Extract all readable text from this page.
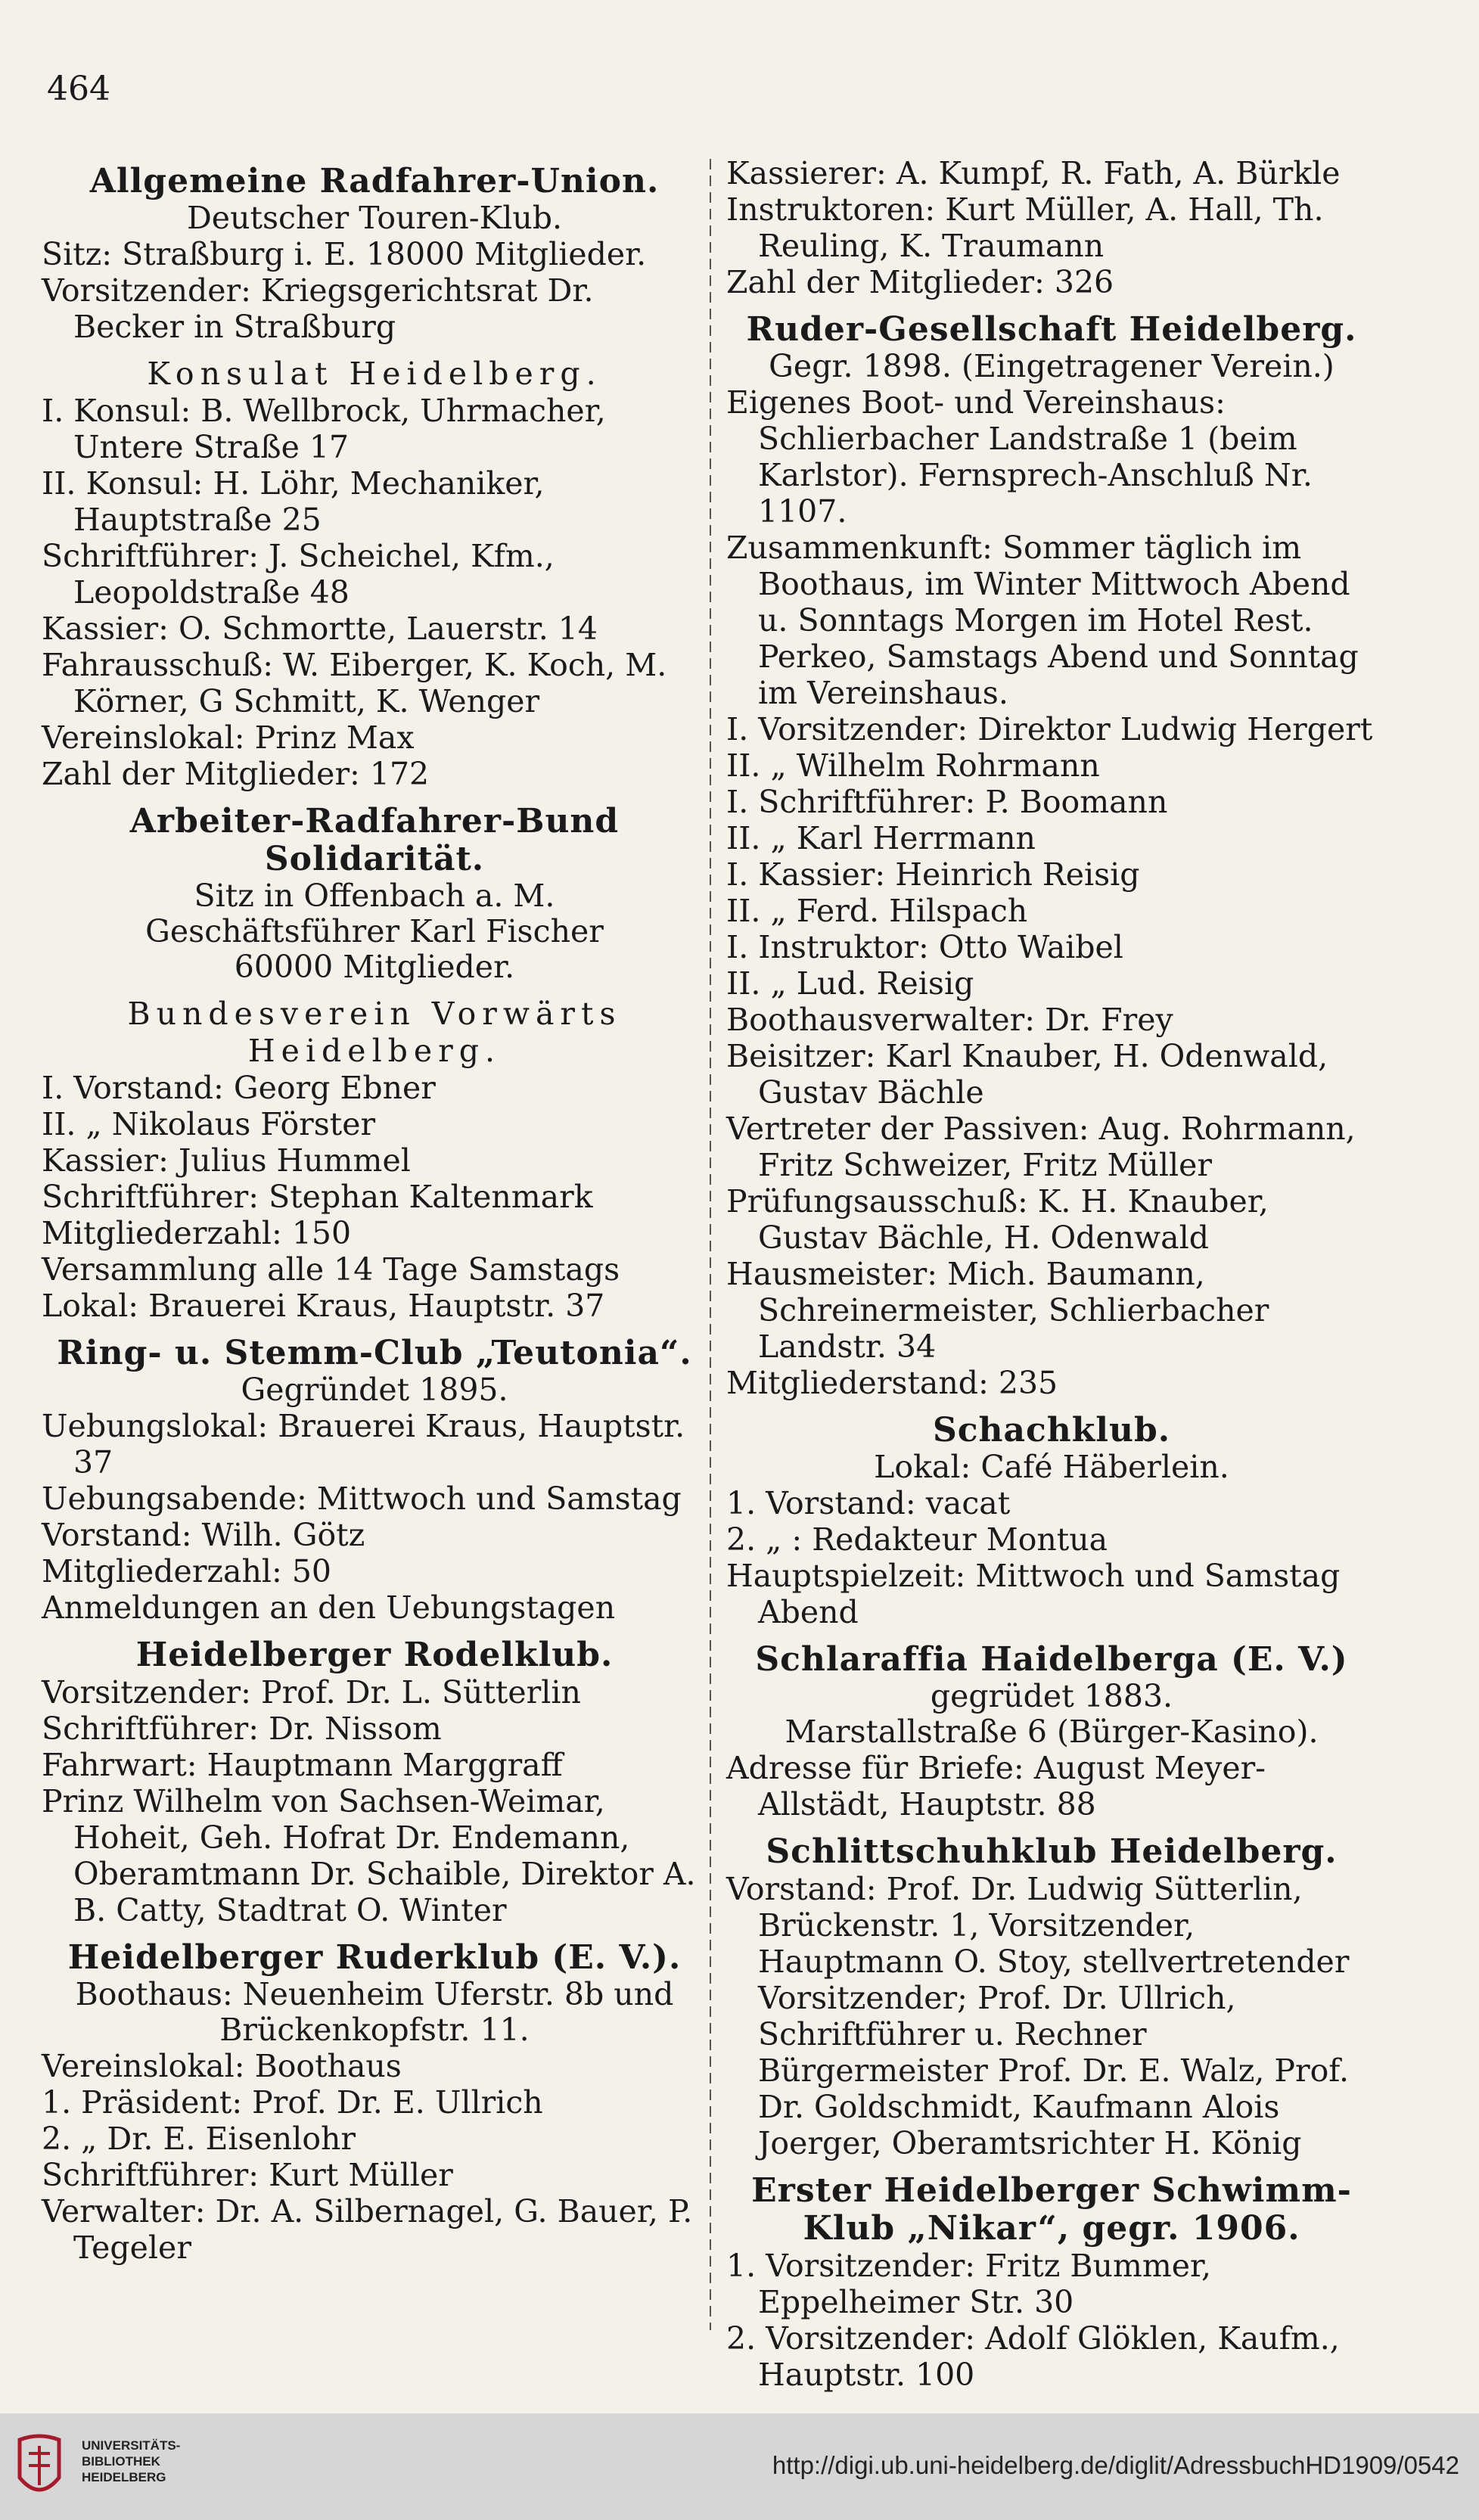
464
Allgemeine Radfahrer-Union.
Deutscher Touren-Klub.
Sitz: Straßburg i. E. 18000 Mitglieder.
Vorsitzender: Kriegsgerichtsrat Dr. Becker in Straßburg
Konsulat Heidelberg.
I. Konsul: B. Wellbrock, Uhrmacher, Untere Straße 17
II. Konsul: H. Löhr, Mechaniker, Hauptstraße 25
Schriftführer: J. Scheichel, Kfm., Leopoldstraße 48
Kassier: O. Schmortte, Lauerstr. 14
Fahrausschuß: W. Eiberger, K. Koch, M. Körner, G Schmitt, K. Wenger
Vereinslokal: Prinz Max
Zahl der Mitglieder: 172
Arbeiter-Radfahrer-Bund Solidarität.
Sitz in Offenbach a. M.
Geschäftsführer Karl Fischer
60000 Mitglieder.
Bundesverein Vorwärts
Heidelberg.
I. Vorstand: Georg Ebner
II. „ Nikolaus Förster
Kassier: Julius Hummel
Schriftführer: Stephan Kaltenmark
Mitgliederzahl: 150
Versammlung alle 14 Tage Samstags
Lokal: Brauerei Kraus, Hauptstr. 37
Ring- u. Stemm-Club „Teutonia“.
Gegründet 1895.
Uebungslokal: Brauerei Kraus, Hauptstr. 37
Uebungsabende: Mittwoch und Samstag
Vorstand: Wilh. Götz
Mitgliederzahl: 50
Anmeldungen an den Uebungstagen
Heidelberger Rodelklub.
Vorsitzender: Prof. Dr. L. Sütterlin
Schriftführer: Dr. Nissom
Fahrwart: Hauptmann Marggraff
Prinz Wilhelm von Sachsen-Weimar, Hoheit, Geh. Hofrat Dr. Endemann, Oberamtmann Dr. Schaible, Direktor A. B. Catty, Stadtrat O. Winter
Heidelberger Ruderklub (E. V.).
Boothaus: Neuenheim Uferstr. 8b und Brückenkopfstr. 11.
Vereinslokal: Boothaus
1. Präsident: Prof. Dr. E. Ullrich
2. „ Dr. E. Eisenlohr
Schriftführer: Kurt Müller
Verwalter: Dr. A. Silbernagel, G. Bauer, P. Tegeler
Kassierer: A. Kumpf, R. Fath, A. Bürkle
Instruktoren: Kurt Müller, A. Hall, Th. Reuling, K. Traumann
Zahl der Mitglieder: 326
Ruder-Gesellschaft Heidelberg.
Gegr. 1898. (Eingetragener Verein.)
Eigenes Boot- und Vereinshaus: Schlierbacher Landstraße 1 (beim Karlstor). Fernsprech-Anschluß Nr. 1107.
Zusammenkunft: Sommer täglich im Boothaus, im Winter Mittwoch Abend u. Sonntags Morgen im Hotel Rest. Perkeo, Samstags Abend und Sonntag im Vereinshaus.
I. Vorsitzender: Direktor Ludwig Hergert
II. „ Wilhelm Rohrmann
I. Schriftführer: P. Boomann
II. „ Karl Herrmann
I. Kassier: Heinrich Reisig
II. „ Ferd. Hilspach
I. Instruktor: Otto Waibel
II. „ Lud. Reisig
Boothausverwalter: Dr. Frey
Beisitzer: Karl Knauber, H. Odenwald, Gustav Bächle
Vertreter der Passiven: Aug. Rohrmann, Fritz Schweizer, Fritz Müller
Prüfungsausschuß: K. H. Knauber, Gustav Bächle, H. Odenwald
Hausmeister: Mich. Baumann, Schreinermeister, Schlierbacher Landstr. 34
Mitgliederstand: 235
Schachklub.
Lokal: Café Häberlein.
1. Vorstand: vacat
2. „ : Redakteur Montua
Hauptspielzeit: Mittwoch und Samstag Abend
Schlaraffia Haidelberga (E. V.)
gegrüdet 1883.
Marstallstraße 6 (Bürger-Kasino).
Adresse für Briefe: August Meyer-Allstädt, Hauptstr. 88
Schlittschuhklub Heidelberg.
Vorstand: Prof. Dr. Ludwig Sütterlin, Brückenstr. 1, Vorsitzender, Hauptmann O. Stoy, stellvertretender Vorsitzender; Prof. Dr. Ullrich, Schriftführer u. Rechner Bürgermeister Prof. Dr. E. Walz, Prof. Dr. Goldschmidt, Kaufmann Alois Joerger, Oberamtsrichter H. König
Erster Heidelberger Schwimm-Klub „Nikar“, gegr. 1906.
1. Vorsitzender: Fritz Bummer, Eppelheimer Str. 30
2. Vorsitzender: Adolf Glöklen, Kaufm., Hauptstr. 100
UNIVERSITÄTS-
BIBLIOTHEK
HEIDELBERG	http://digi.ub.uni-heidelberg.de/diglit/AdressbuchHD1909/0542
